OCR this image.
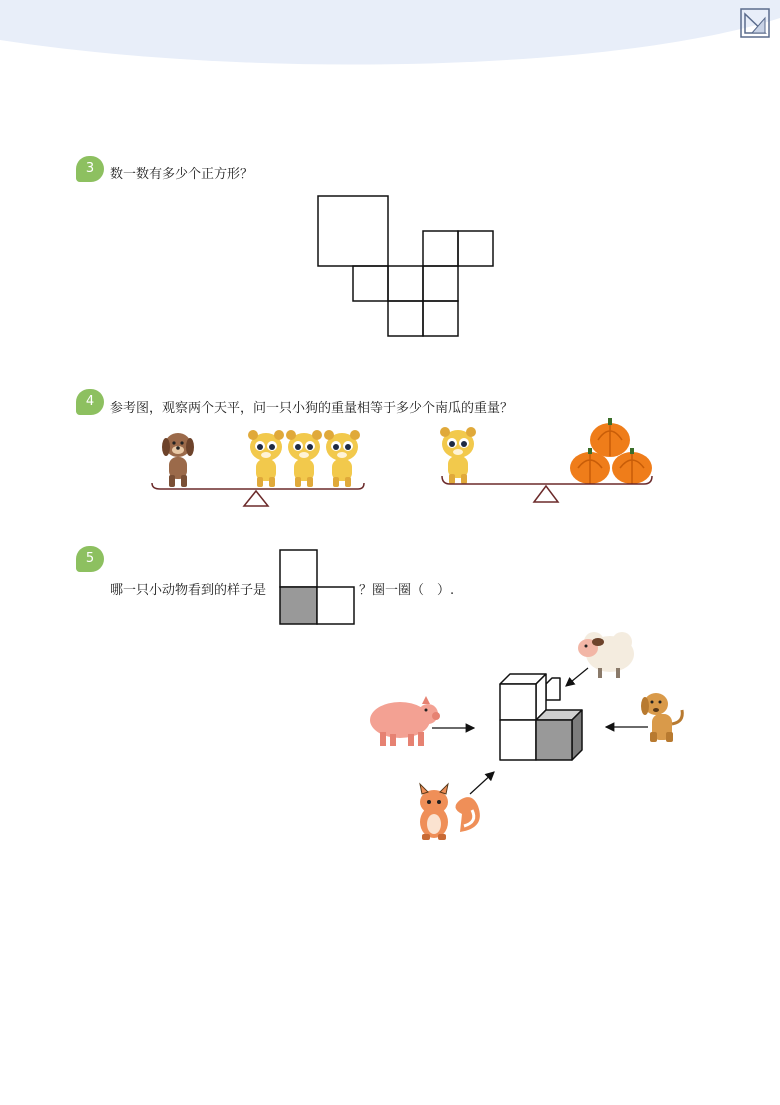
3	数一数有多少个正方形？
4	参考图，观察两个天平，问一只小狗的重量相等于多少个南瓜的重量？
5
哪一只小动物看到的样子是	？圈一圈（　）.
